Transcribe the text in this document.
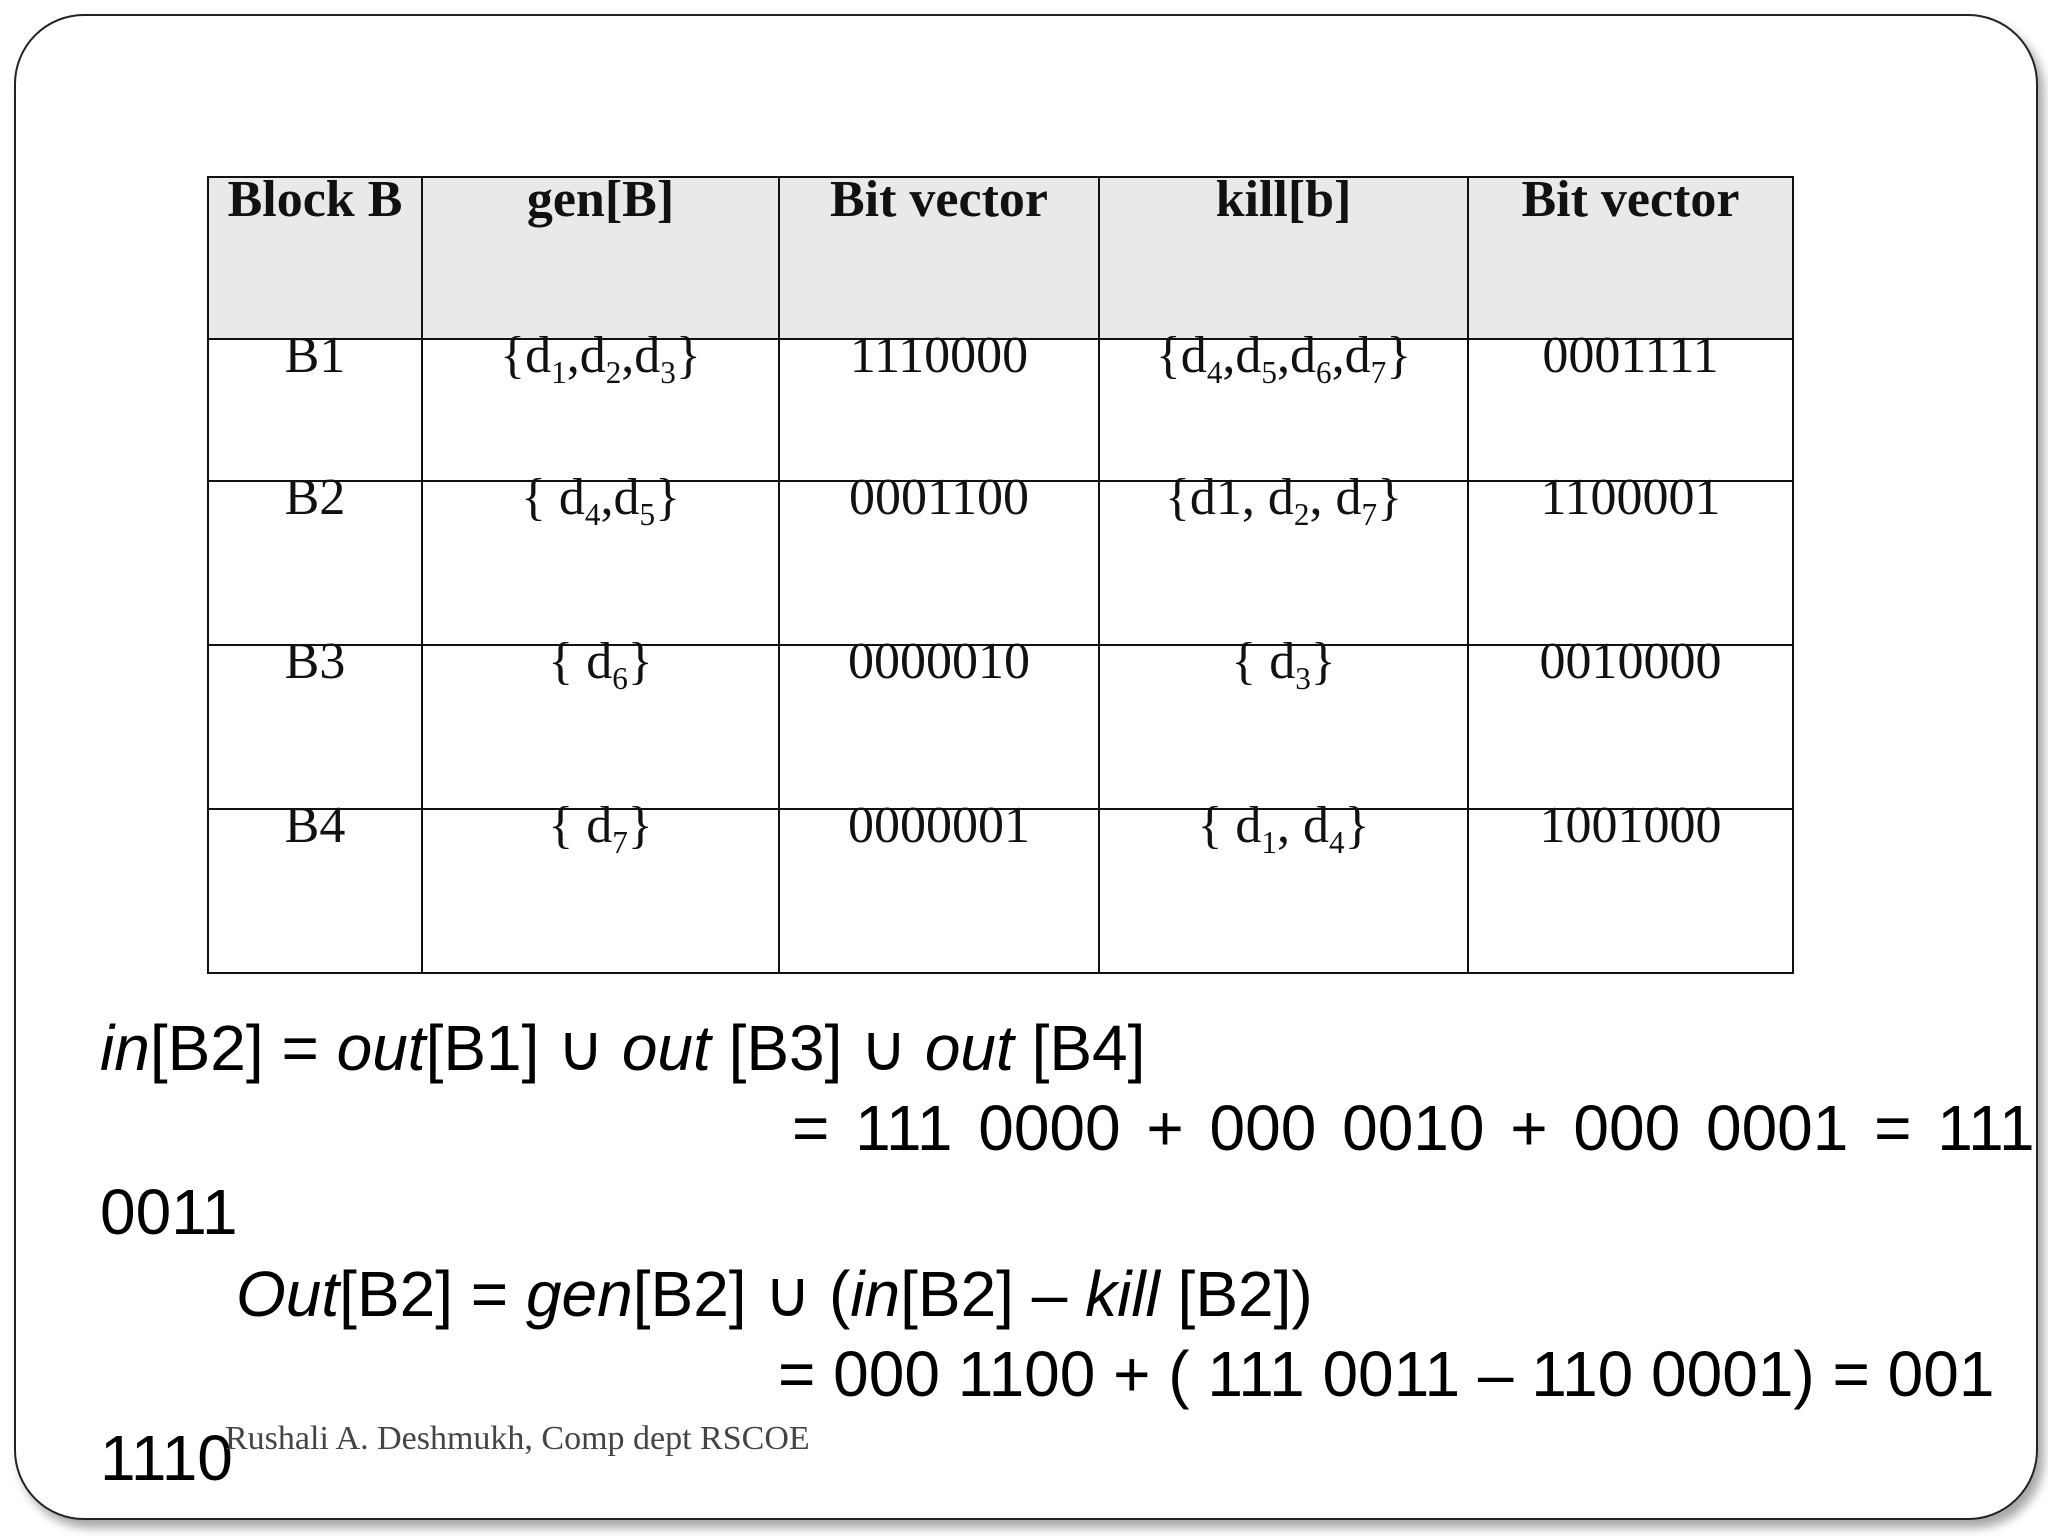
Block B	gen[B]	Bit vector	kill[b]	Bit vector

B1	$\{d_1,d_2,d_3\}$	1110000	$\{d_4,d_5,d_6,d_7\}$	0001111

B2	{ $d_4,d_5$}	0001100	{d1, $d_2$, $d_7$}	1100001

B3	{ $d_6$}	0000010	{ $d_3$}	0010000

B4	{ $d_7$}	0000001	{ $d_1$, $d_4$}	1001000
in[B2] = out[B1] ∪ out [B3] ∪ out [B4]
= 111 0000 + 000 0010 + 000 0001 = 111
0011
Out[B2] = gen[B2] ∪ (in[B2] – kill [B2])
= 000 1100 + ( 111 0011 – 110 0001) = 001
1110
Rushali A. Deshmukh, Comp dept RSCOE
